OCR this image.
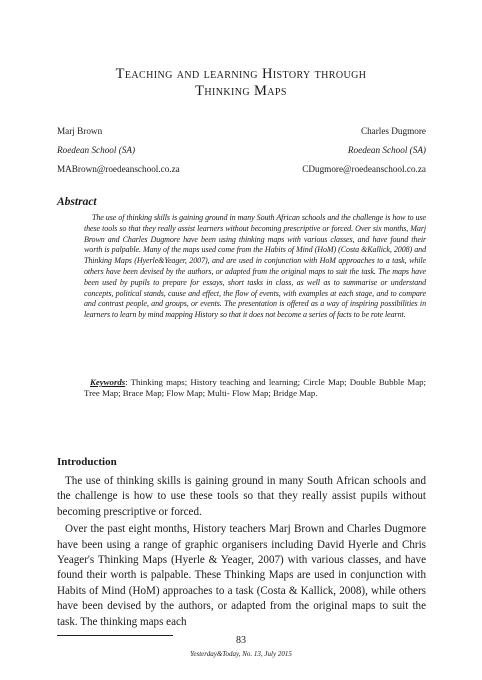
Teaching and learning History through
Thinking Maps
Marj Brown	Charles Dugmore
Roedean School (SA)	Roedean School (SA)
MABrown@roedeanschool.co.za	CDugmore@roedeanschool.co.za
Abstract
The use of thinking skills is gaining ground in many South African schools and the challenge is how to use these tools so that they really assist learners without becoming prescriptive or forced. Over six months, Marj Brown and Charles Dugmore have been using thinking maps with various classes, and have found their worth is palpable. Many of the maps used come from the Habits of Mind (HoM) (Costa &Kallick, 2008) and Thinking Maps (Hyerle&Yeager, 2007), and are used in conjunction with HoM approaches to a task, while others have been devised by the authors, or adapted from the original maps to suit the task. The maps have been used by pupils to prepare for essays, short tasks in class, as well as to summarise or understand concepts, political stands, cause and effect, the flow of events, with examples at each stage, and to compare and contrast people, and groups, or events. The presentation is offered as a way of inspiring possibilities in learners to learn by mind mapping History so that it does not become a series of facts to be rote learnt.
Keywords: Thinking maps; History teaching and learning; Circle Map; Double Bubble Map; Tree Map; Brace Map; Flow Map; Multi- Flow Map; Bridge Map.
Introduction

The use of thinking skills is gaining ground in many South African schools and the challenge is how to use these tools so that they really assist pupils without becoming prescriptive or forced.

Over the past eight months, History teachers Marj Brown and Charles Dugmore have been using a range of graphic organisers including David Hyerle and Chris Yeager's Thinking Maps (Hyerle & Yeager, 2007) with various classes, and have found their worth is palpable. These Thinking Maps are used in conjunction with Habits of Mind (HoM) approaches to a task (Costa & Kallick, 2008), while others have been devised by the authors, or adapted from the original maps to suit the task. The thinking maps each

83
Yesterday&Today, No. 13, July 2015
